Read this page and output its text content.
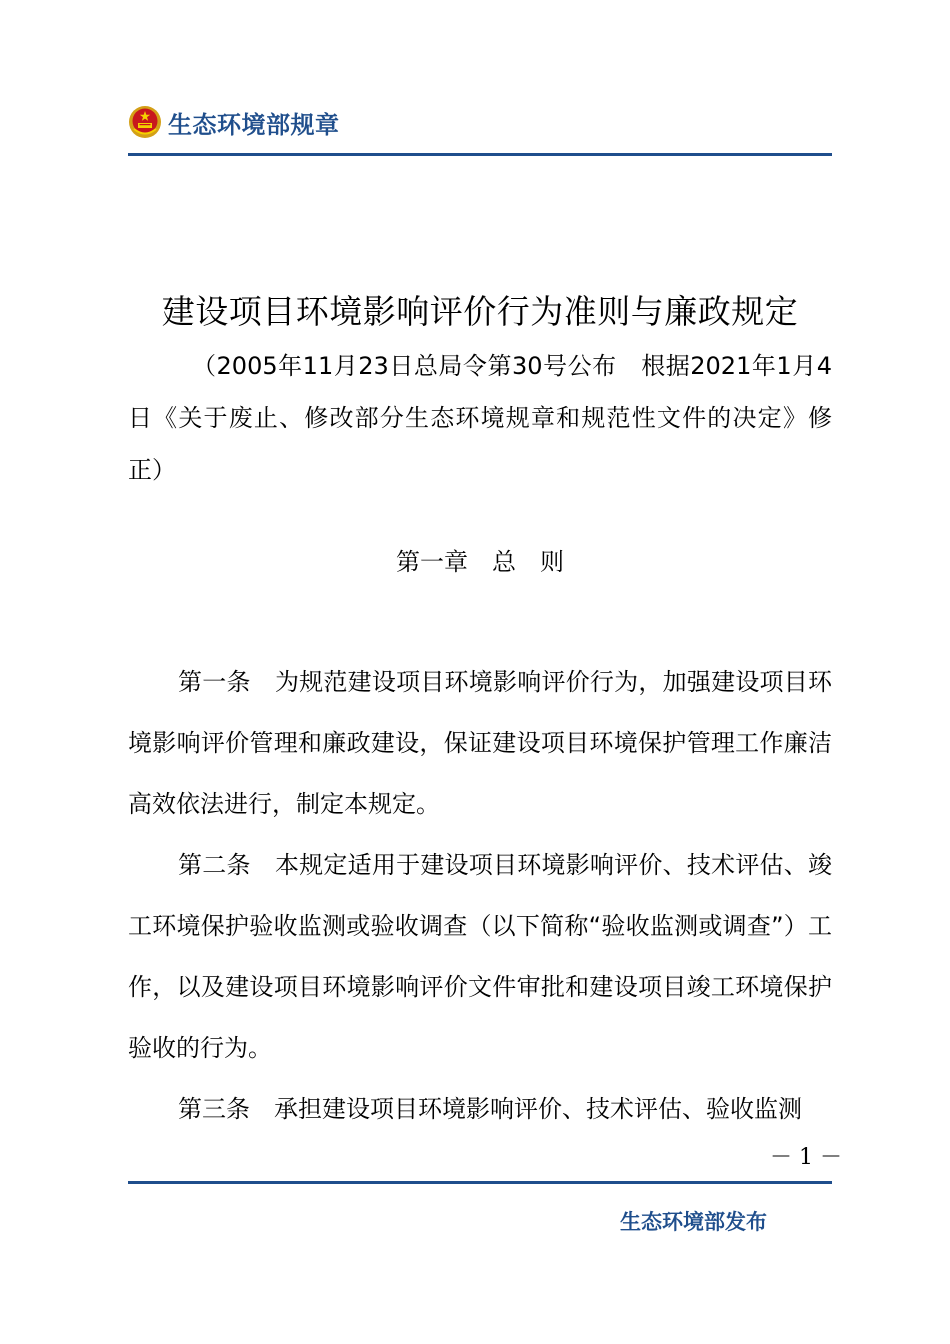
生态环境部规章
建设项目环境影响评价行为准则与廉政规定
（2005年11月23日总局令第30号公布　根据2021年1月4日《关于废止、修改部分生态环境规章和规范性文件的决定》修正）
第一章　总　则

第一条　 为规范建设项目环境影响评价行为，加强建设项目环境影响评价管理和廉政建设，保证建设项目环境保护管理工作廉洁高效依法进行，制定本规定。

第二条　 本规定适用于建设项目环境影响评价、技术评估、竣工环境保护验收监测或验收调查（以下简称“验收监测或调查”）工作，以及建设项目环境影响评价文件审批和建设项目竣工环境保护验收的行为。

第三条　 承担建设项目环境影响评价、技术评估、验收监测

－ 1 －
生态环境部发布
